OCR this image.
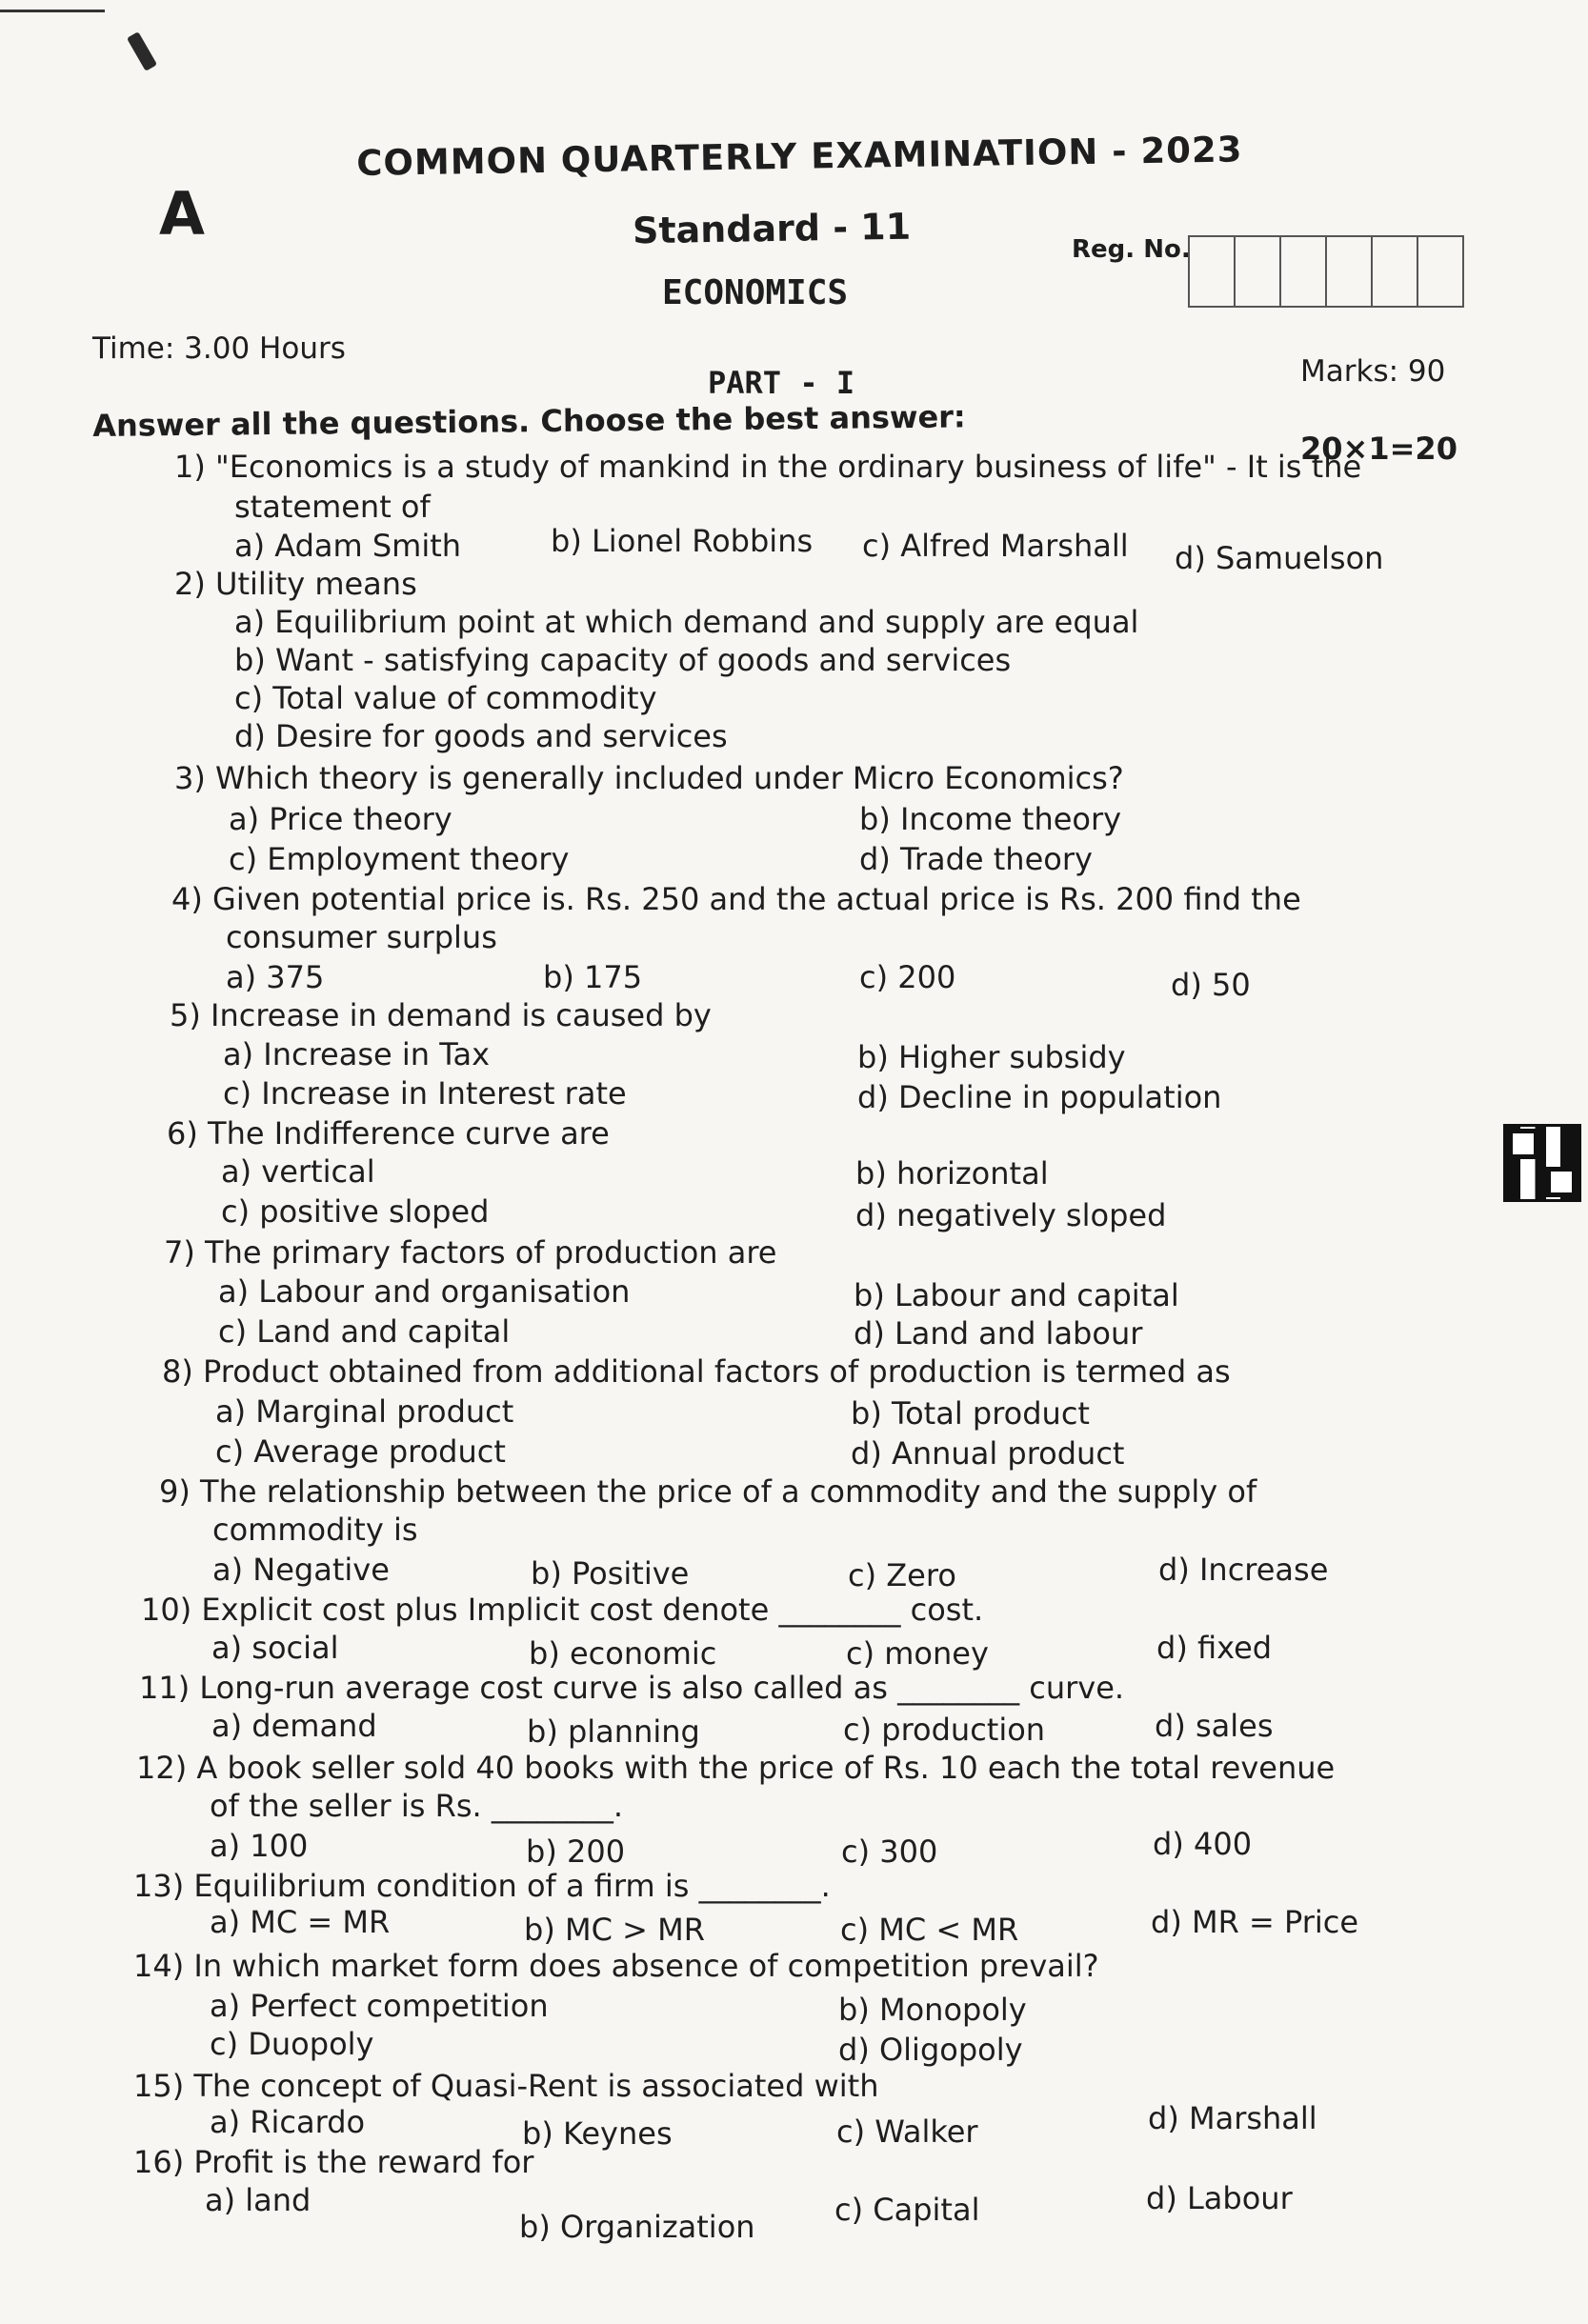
A
COMMON QUARTERLY EXAMINATION - 2023
Standard - 11
ECONOMICS
Reg. No.
Time: 3.00 Hours
Marks: 90
PART - I
Answer all the questions. Choose the best answer:
20×1=20
1) "Economics is a study of mankind in the ordinary business of life" - It is the
statement of
a) Adam Smith	b) Lionel Robbins c) Alfred Marshall d) Samuelson
2) Utility means
a) Equilibrium point at which demand and supply are equal
b) Want - satisfying capacity of goods and services
c) Total value of commodity
d) Desire for goods and services
3) Which theory is generally included under Micro Economics?
a) Price theory	b) Income theory
c) Employment theory	d) Trade theory
4) Given potential price is. Rs. 250 and the actual price is Rs. 200 find the
consumer surplus
a) 375	b) 175	c) 200	d) 50
5) Increase in demand is caused by
a) Increase in Tax	b) Higher subsidy
c) Increase in Interest rate	d) Decline in population
6) The Indifference curve are
a) vertical	b) horizontal
c) positive sloped	d) negatively sloped
7) The primary factors of production are
a) Labour and organisation	b) Labour and capital
c) Land and capital	d) Land and labour
8) Product obtained from additional factors of production is termed as
a) Marginal product	b) Total product
c) Average product	d) Annual product
9) The relationship between the price of a commodity and the supply of
commodity is
a) Negative	b) Positive	c) Zero	d) Increase
10) Explicit cost plus Implicit cost denote ________ cost.
a) social	b) economic	c) money	d) fixed
11) Long-run average cost curve is also called as ________ curve.
a) demand	b) planning	c) production	d) sales
12) A book seller sold 40 books with the price of Rs. 10 each the total revenue
of the seller is Rs. ________.
a) 100	b) 200	c) 300	d) 400
13) Equilibrium condition of a firm is ________.
a) MC = MR	b) MC > MR	c) MC < MR	d) MR = Price
14) In which market form does absence of competition prevail?
a) Perfect competition	b) Monopoly
c) Duopoly	d) Oligopoly
15) The concept of Quasi-Rent is associated with
a) Ricardo	b) Keynes	c) Walker	d) Marshall
16) Profit is the reward for
a) land
b) Organization	c) Capital	d) Labour
